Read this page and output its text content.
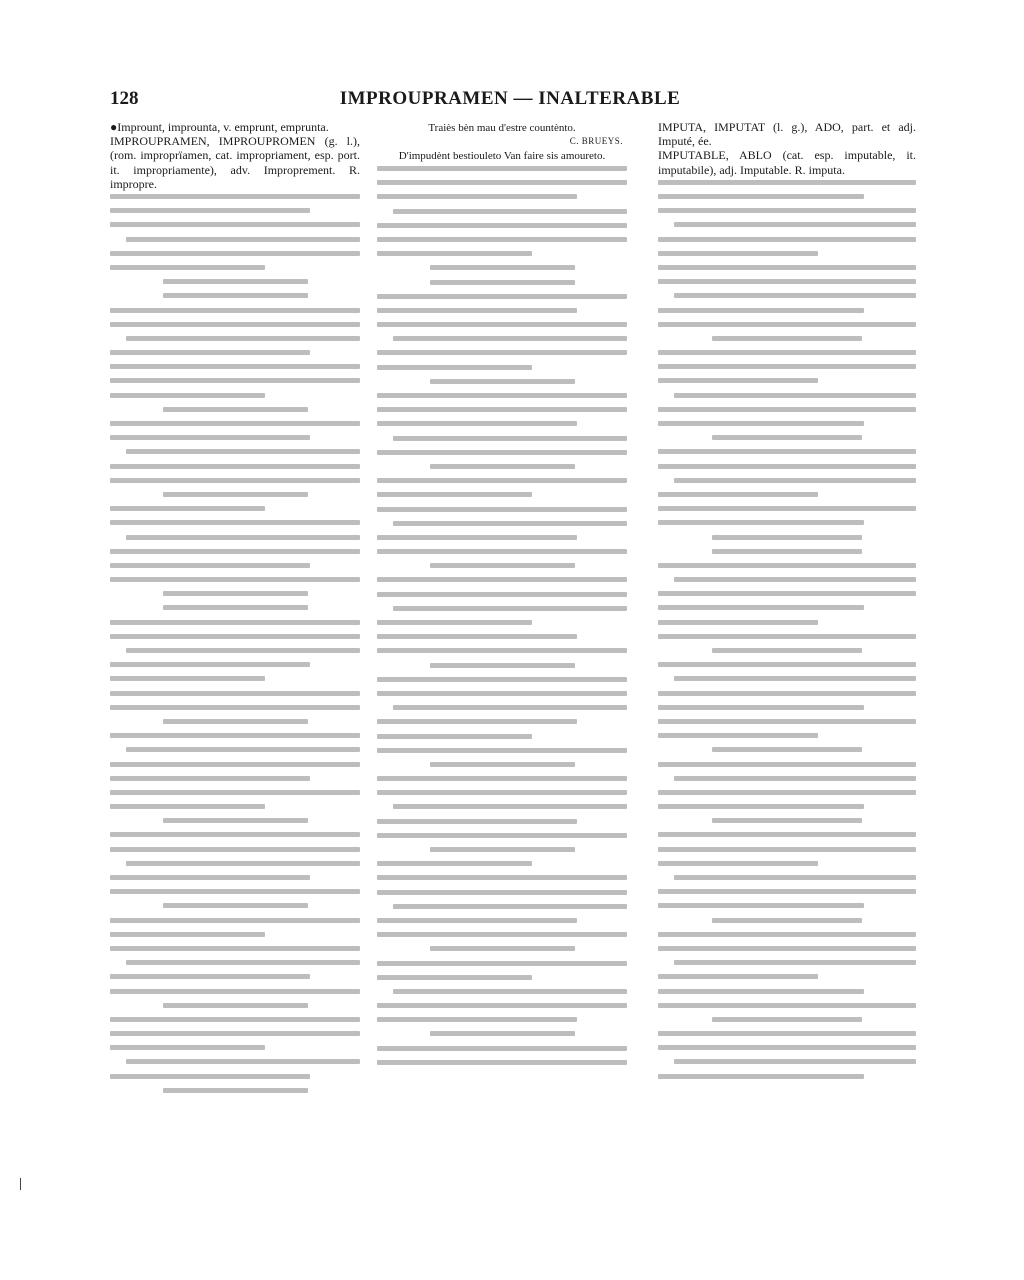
128	IMPROUPRAMEN — INALTERABLE

●Imprount, improunta, v. emprunt, emprunta.

IMPROUPRAMEN, IMPROUPROMEN (g. l.), (rom. improprïamen, cat. impropriament, esp. port. it. impropriamente), adv. Improprement. R. impropre.

Traiès bèn mau d'estre countènto.
C. BRUEYS.

D'impudènt bestiouleto Van faire sis amoureto.

IMPUTA, IMPUTAT (l. g.), ADO, part. et adj. Imputé, ée.

IMPUTABLE, ABLO (cat. esp. imputable, it. imputabile), adj. Imputable. R. imputa.
